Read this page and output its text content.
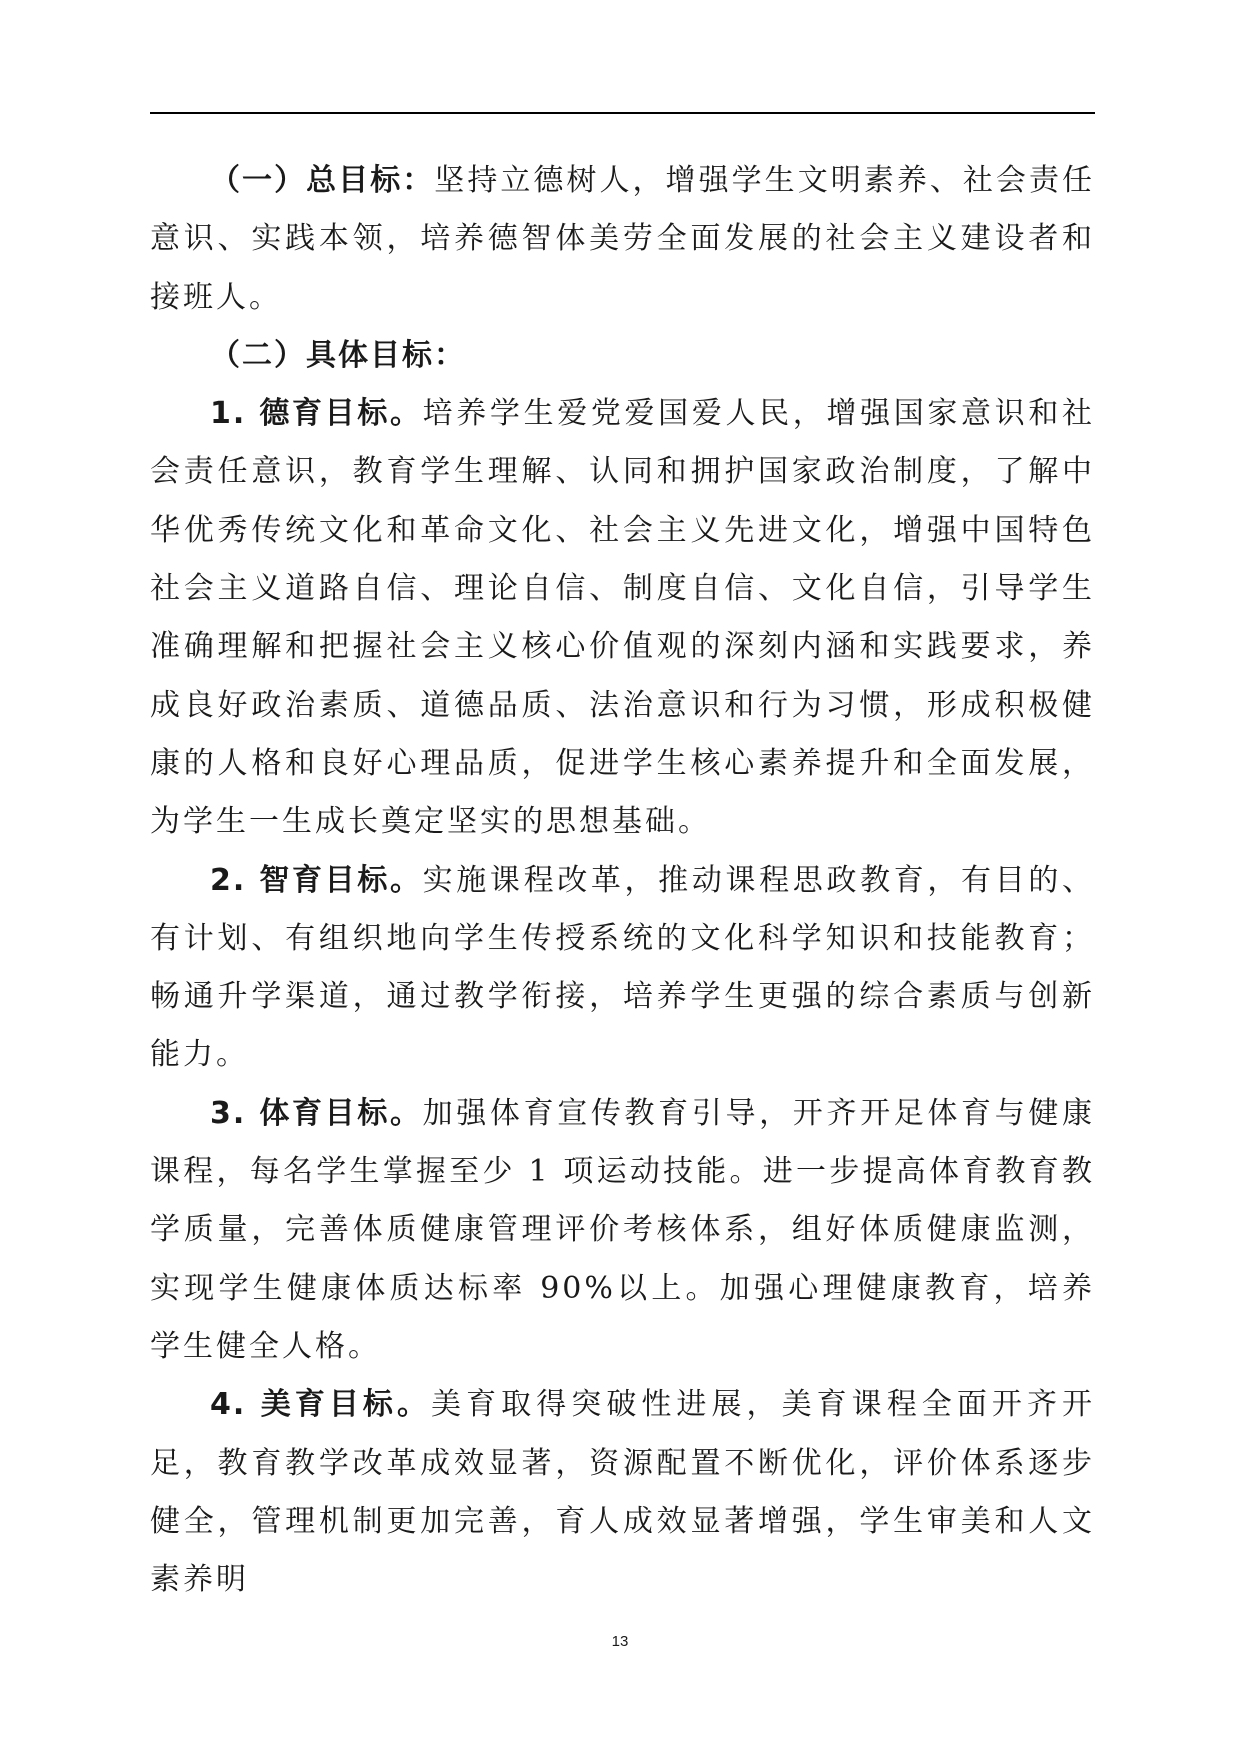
（一）总目标：坚持立德树人，增强学生文明素养、社会责任意识、实践本领，培养德智体美劳全面发展的社会主义建设者和接班人。

（二）具体目标：

1. 德育目标。培养学生爱党爱国爱人民，增强国家意识和社会责任意识，教育学生理解、认同和拥护国家政治制度，了解中华优秀传统文化和革命文化、社会主义先进文化，增强中国特色社会主义道路自信、理论自信、制度自信、文化自信，引导学生准确理解和把握社会主义核心价值观的深刻内涵和实践要求，养成良好政治素质、道德品质、法治意识和行为习惯，形成积极健康的人格和良好心理品质，促进学生核心素养提升和全面发展，为学生一生成长奠定坚实的思想基础。

2. 智育目标。实施课程改革，推动课程思政教育，有目的、有计划、有组织地向学生传授系统的文化科学知识和技能教育；畅通升学渠道，通过教学衔接，培养学生更强的综合素质与创新能力。

3. 体育目标。加强体育宣传教育引导，开齐开足体育与健康课程，每名学生掌握至少 1 项运动技能。进一步提高体育教育教学质量，完善体质健康管理评价考核体系，组好体质健康监测，实现学生健康体质达标率 90%以上。加强心理健康教育，培养学生健全人格。

4. 美育目标。美育取得突破性进展，美育课程全面开齐开足，教育教学改革成效显著，资源配置不断优化，评价体系逐步健全，管理机制更加完善，育人成效显著增强，学生审美和人文素养明

13
